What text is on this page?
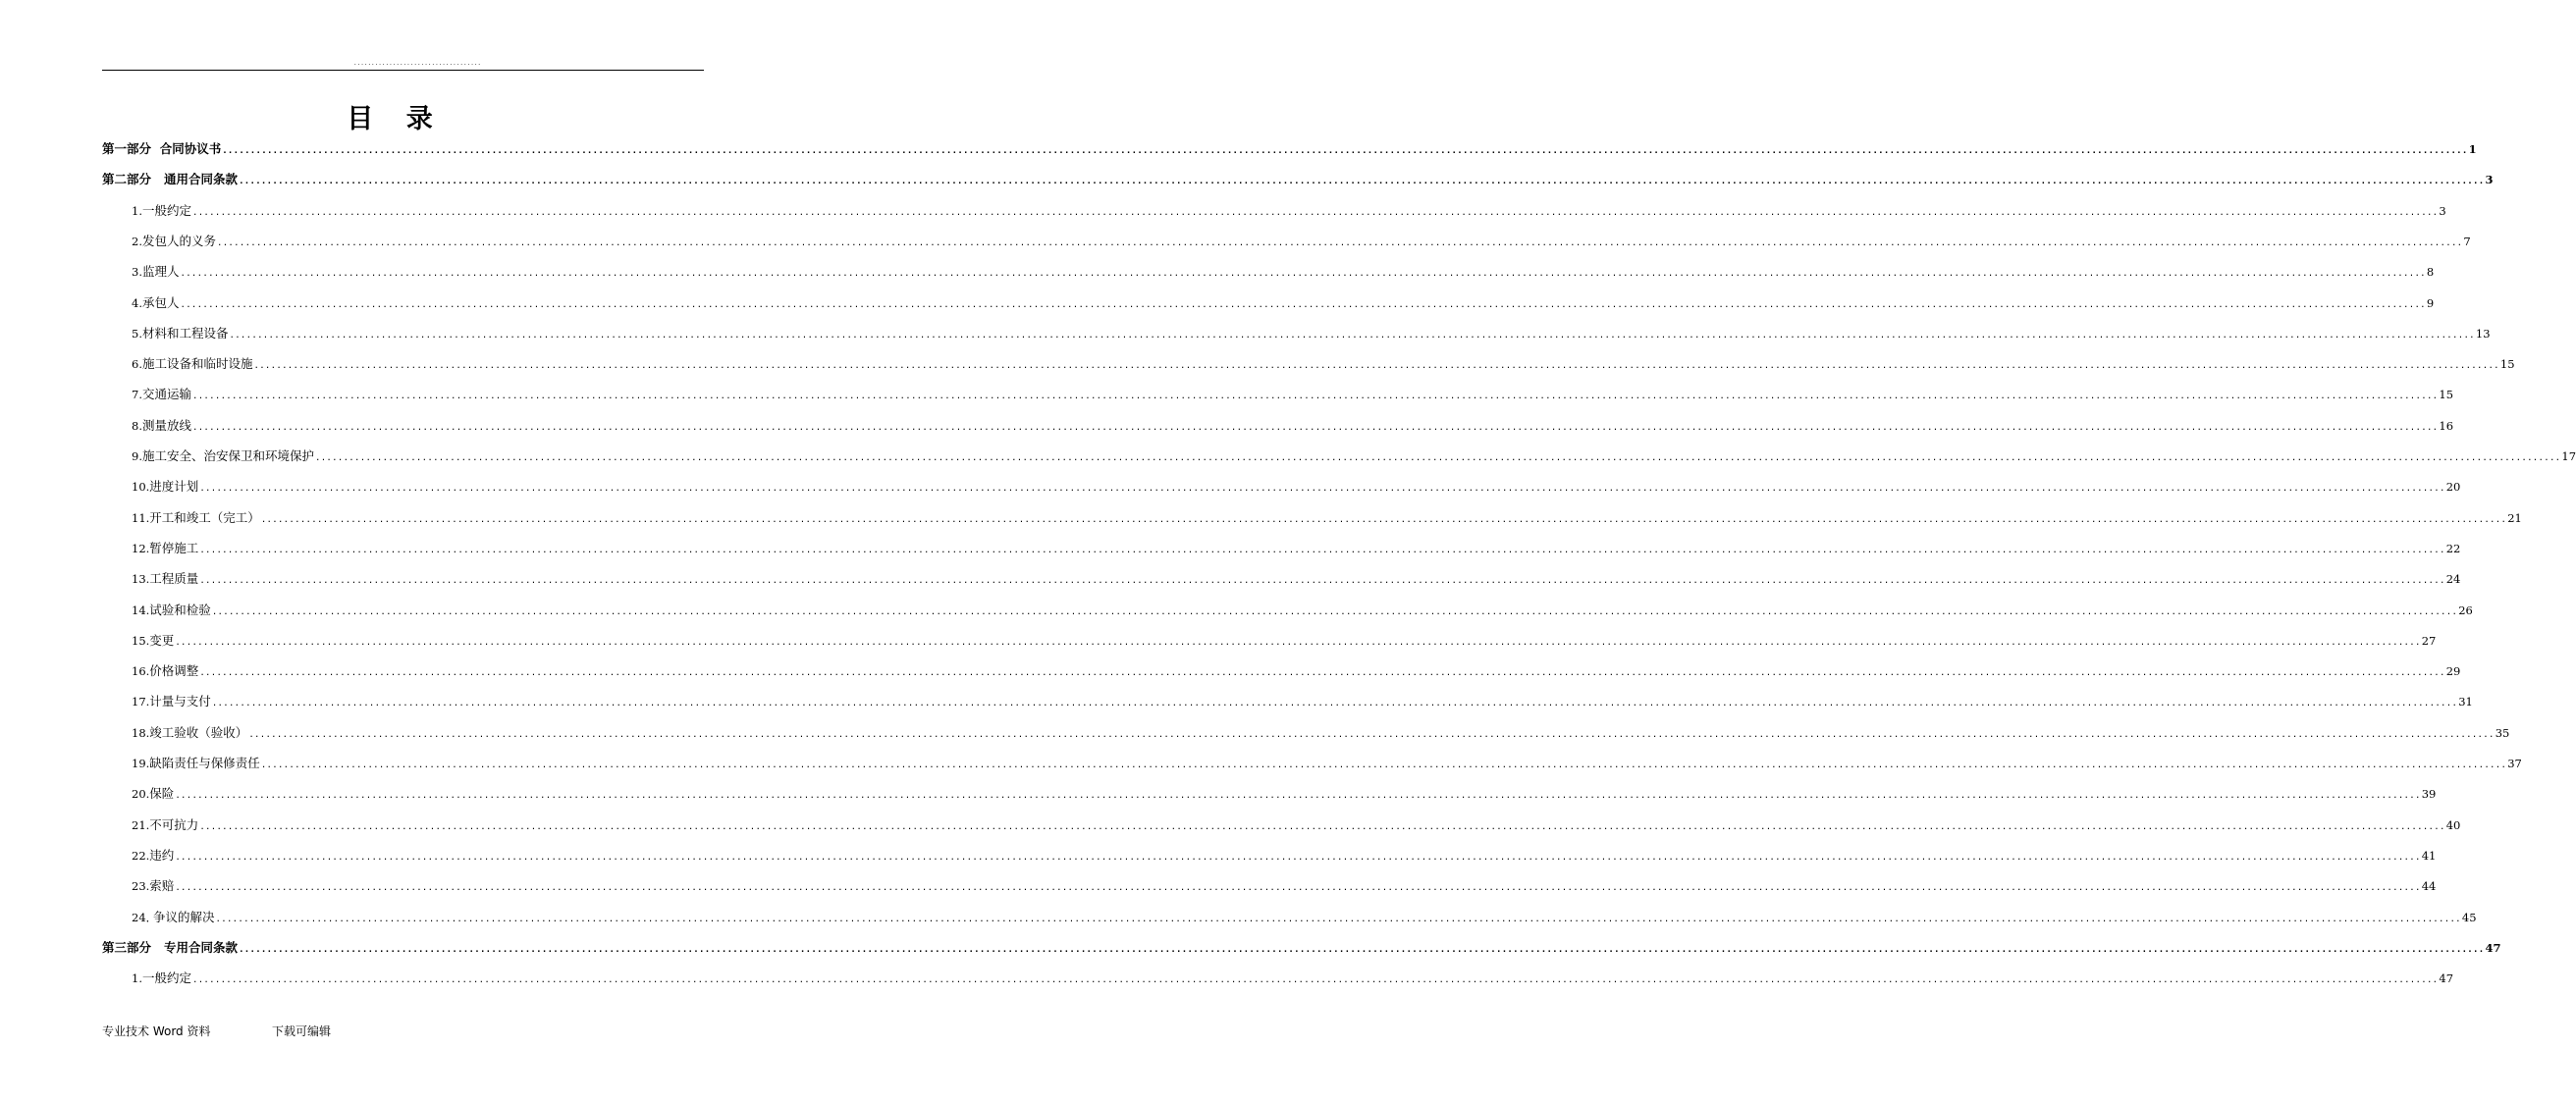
....................................
目 录
第一部分  合同协议书 ................................................................................................................................................................................................................................................................................................................................................................................................................ 1
第二部分   通用合同条款 ................................................................................................................................................................................................................................................................................................................................................................................................................ 3
1. 一般约定 ................................................................................................................................................................................................................................................................................................................................................................................................................ 3
2. 发包人的义务 ................................................................................................................................................................................................................................................................................................................................................................................................................ 7
3. 监理人 ................................................................................................................................................................................................................................................................................................................................................................................................................ 8
4. 承包人 ................................................................................................................................................................................................................................................................................................................................................................................................................ 9
5. 材料和工程设备 ................................................................................................................................................................................................................................................................................................................................................................................................................ 13
6. 施工设备和临时设施 ................................................................................................................................................................................................................................................................................................................................................................................................................ 15
7. 交通运输 ................................................................................................................................................................................................................................................................................................................................................................................................................ 15
8. 测量放线 ................................................................................................................................................................................................................................................................................................................................................................................................................ 16
9. 施工安全、治安保卫和环境保护 ................................................................................................................................................................................................................................................................................................................................................................................................................ 17
10. 进度计划 ................................................................................................................................................................................................................................................................................................................................................................................................................ 20
11. 开工和竣工（完工） ................................................................................................................................................................................................................................................................................................................................................................................................................ 21
12. 暂停施工 ................................................................................................................................................................................................................................................................................................................................................................................................................ 22
13. 工程质量 ................................................................................................................................................................................................................................................................................................................................................................................................................ 24
14. 试验和检验 ................................................................................................................................................................................................................................................................................................................................................................................................................ 26
15. 变更 ................................................................................................................................................................................................................................................................................................................................................................................................................ 27
16. 价格调整 ................................................................................................................................................................................................................................................................................................................................................................................................................ 29
17. 计量与支付 ................................................................................................................................................................................................................................................................................................................................................................................................................ 31
18. 竣工验收（验收） ................................................................................................................................................................................................................................................................................................................................................................................................................ 35
19. 缺陷责任与保修责任 ................................................................................................................................................................................................................................................................................................................................................................................................................ 37
20. 保险 ................................................................................................................................................................................................................................................................................................................................................................................................................ 39
21. 不可抗力 ................................................................................................................................................................................................................................................................................................................................................................................................................ 40
22. 违约 ................................................................................................................................................................................................................................................................................................................................................................................................................ 41
23. 索赔 ................................................................................................................................................................................................................................................................................................................................................................................................................ 44
24．
争议的解决 ................................................................................................................................................................................................................................................................................................................................................................................................................ 45
第三部分   专用合同条款 ................................................................................................................................................................................................................................................................................................................................................................................................................ 47
1. 一般约定 ................................................................................................................................................................................................................................................................................................................................................................................................................ 47
专业技术 Word 资料	下载可编辑
